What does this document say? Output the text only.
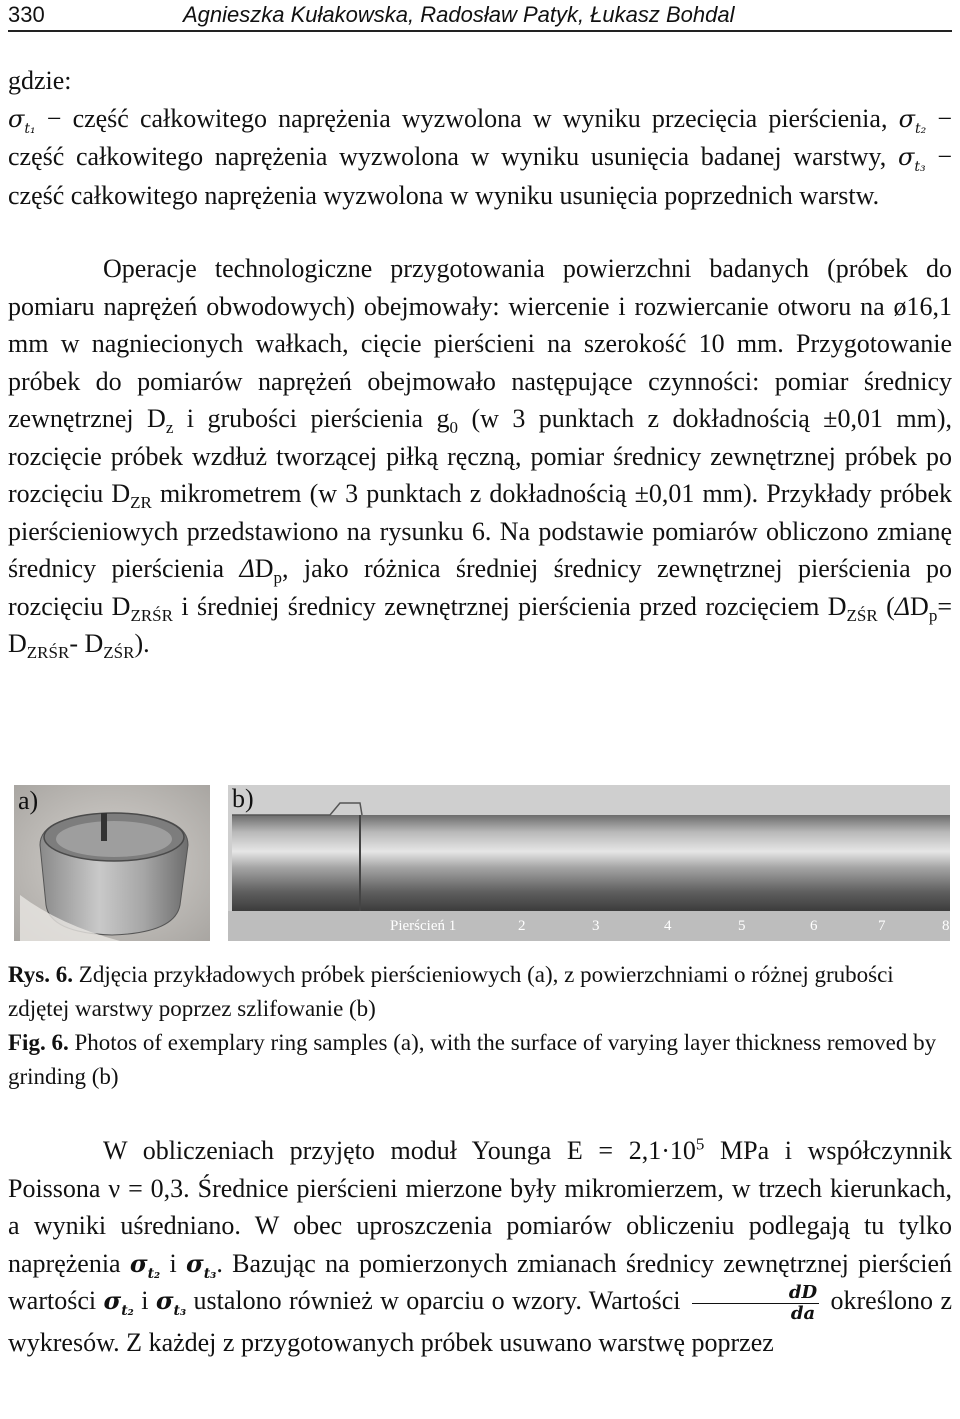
330	Agnieszka Kułakowska, Radosław Patyk, Łukasz Bohdal
gdzie:
$\sigma_{t_1}$ − część całkowitego naprężenia wyzwolona w wyniku przecięcia pierścienia, $\sigma_{t_2}$ − część całkowitego naprężenia wyzwolona w wyniku usunięcia badanej warstwy, $\sigma_{t_3}$ − część całkowitego naprężenia wyzwolona w wyniku usunięcia poprzednich warstw.
Operacje technologiczne przygotowania powierzchni badanych (próbek do pomiaru naprężeń obwodowych) obejmowały: wiercenie i rozwiercanie otworu na ø16,1 mm w nagniecionych wałkach, cięcie pierścieni na szerokość 10 mm. Przygotowanie próbek do pomiarów naprężeń obejmowało następujące czynności: pomiar średnicy zewnętrznej $D_z$ i grubości pierścienia $g_0$ (w 3 punktach z dokładnością ±0,01 mm), rozcięcie próbek wzdłuż tworzącej piłką ręczną, pomiar średnicy zewnętrznej próbek po rozcięciu $D_{ZR}$ mikrometrem (w 3 punktach z dokładnością ±0,01 mm). Przykłady próbek pierścieniowych przedstawiono na rysunku 6. Na podstawie pomiarów obliczono zmianę średnicy pierścienia $\Delta D_p$, jako różnica średniej średnicy zewnętrznej pierścienia po rozcięciu $D_{ZRŚR}$ i średniej średnicy zewnętrznej pierścienia przed rozcięciem $D_{ZŚR}$ ($\Delta D_p= D_{ZRŚR}-$ $D_{ZŚR}$).
a)	b)
Pierścień 1	2	3	4	5	6	7	8
Rys. 6. Zdjęcia przykładowych próbek pierścieniowych (a), z powierzchniami o różnej grubości zdjętej warstwy poprzez szlifowanie (b)
Fig. 6. Photos of exemplary ring samples (a), with the surface of varying layer thickness removed by grinding (b)
W obliczeniach przyjęto moduł Younga $E = 2,1\cdot 10^5$ MPa i współczynnik Poissona ν = 0,3. Średnice pierścieni mierzone były mikromierzem, w trzech kierunkach, a wyniki uśredniano. W obec uproszczenia pomiarów obliczeniu podlegają tu tylko naprężenia $\sigma_{t_2}$ i $\sigma_{t_3}$. Bazując na pomierzonych zmianach średnicy zewnętrznej pierścień wartości $\sigma_{t_2}$ i $\sigma_{t_3}$ ustalono również w oparciu o wzory. Wartości $\frac{dD}{da}$ określono z wykresów. Z każdej z przygotowanych próbek usuwano warstwę poprzez
